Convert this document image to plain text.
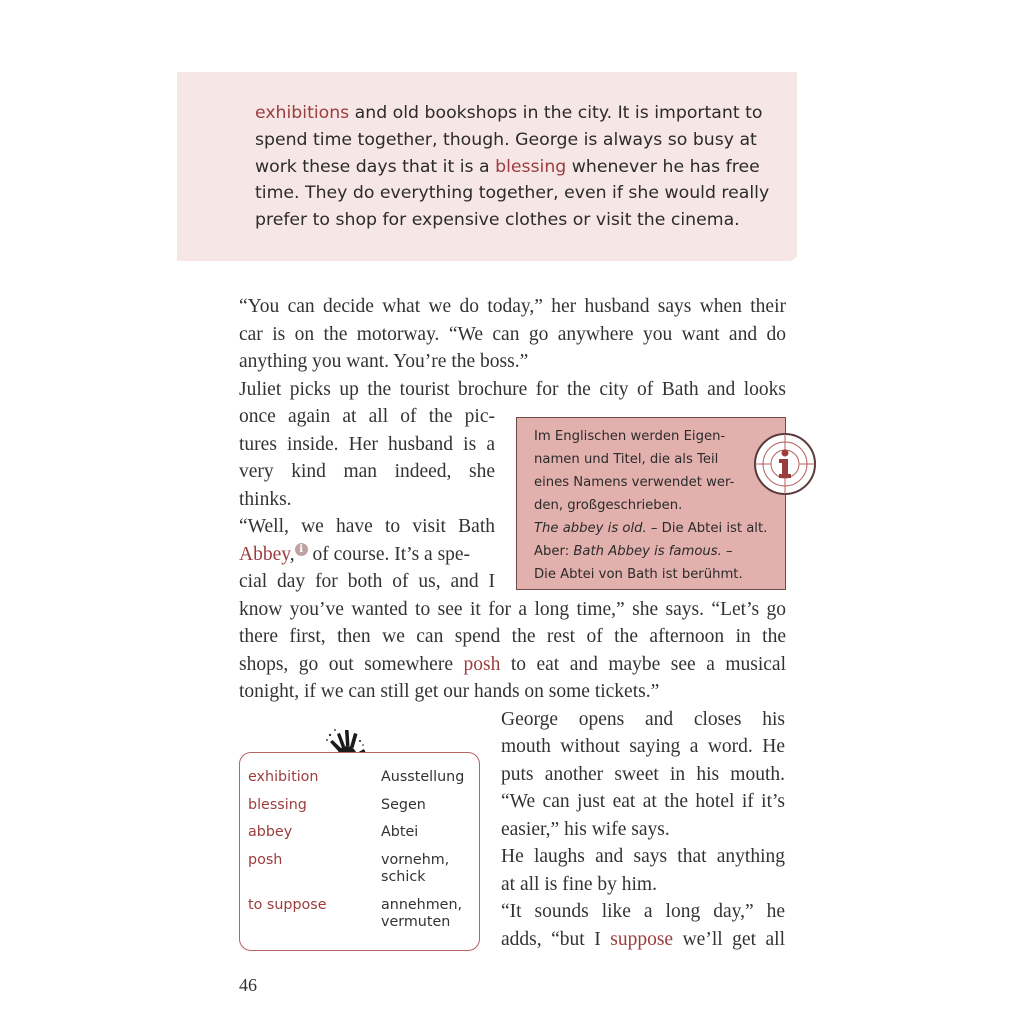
exhibitions and old bookshops in the city. It is important to

spend time together, though. George is always so busy at

work these days that it is a blessing whenever he has free

time. They do everything together, even if she would really

prefer to shop for expensive clothes or visit the cinema.

“You can decide what we do today,” her husband says when their

car is on the motorway. “We can go anywhere you want and do

anything you want. You’re the boss.”

Juliet picks up the tourist brochure for the city of Bath and looks

once again at all of the pic-

tures inside. Her husband is a

very kind man indeed, she

thinks.

“Well, we have to visit Bath

Abbey, i of course. It’s a spe-

cial day for both of us, and I

know you’ve wanted to see it for a long time,” she says. “Let’s go

there first, then we can spend the rest of the afternoon in the

shops, go out somewhere posh to eat and maybe see a musical

tonight, if we can still get our hands on some tickets.”

George opens and closes his

mouth without saying a word. He

puts another sweet in his mouth.

“We can just eat at the hotel if it’s

easier,” his wife says.

He laughs and says that anything

at all is fine by him.

“It sounds like a long day,” he

adds, “but I suppose we’ll get all

Im Englischen werden Eigen-

namen und Titel, die als Teil

eines Namens verwendet wer-

den, großgeschrieben.

The abbey is old. – Die Abtei ist alt.

Aber: Bath Abbey is famous. –

Die Abtei von Bath ist berühmt.

exhibition	Ausstellung
blessing	Segen
abbey	Abtei
posh	vornehm,
schick
to suppose	annehmen,
vermuten
46
